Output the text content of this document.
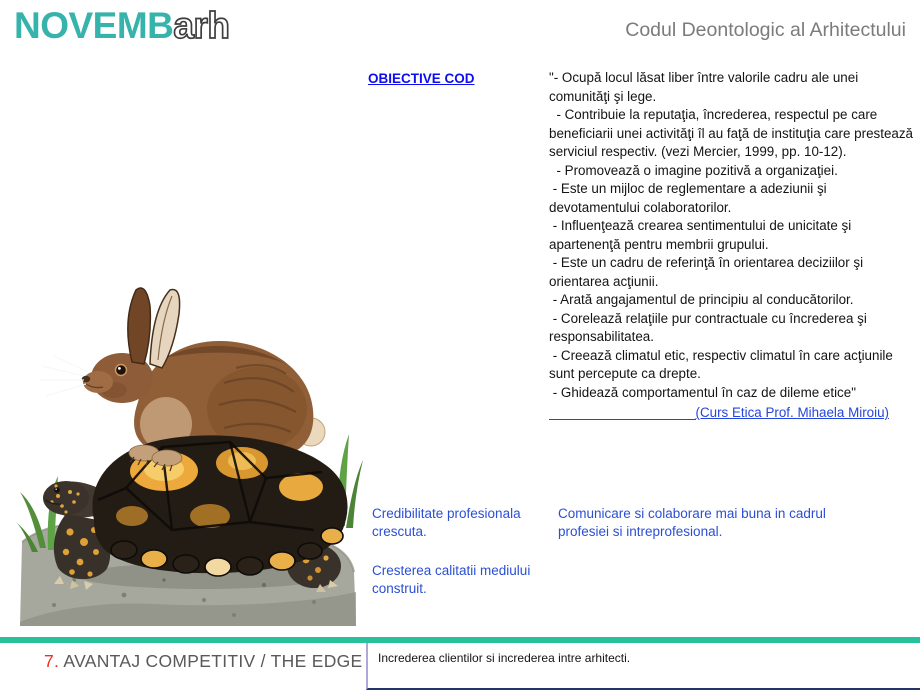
NOVEMBarh	Codul Deontologic al Arhitectului
OBIECTIVE COD	"- Ocupă locul lăsat liber între valorile cadru ale unei comunităţi şi lege.
- Contribuie la reputaţia, încrederea, respectul pe care beneficiarii unei activităţi îl au faţă de instituţia care prestează serviciul respectiv. (vezi Mercier, 1999, pp. 10-12).
- Promovează o imagine pozitivă a organizaţiei.
- Este un mijloc de reglementare a adeziunii şi devotamentului colaboratorilor.
- Influenţează crearea sentimentului de unicitate şi apartenenţă pentru membrii grupului.
- Este un cadru de referinţă în orientarea deciziilor şi orientarea acţiunii.
- Arată angajamentul de principiu al conducătorilor.
- Corelează relaţiile pur contractuale cu încrederea şi responsabilitatea.
- Creează climatul etic, respectiv climatul în care acţiunile sunt percepute ca drepte.
- Ghidează comportamentul în caz de dileme etice"
(Curs Etica Prof. Mihaela Miroiu)
Credibilitate profesionala crescuta.
Comunicare si colaborare mai buna in cadrul profesiei si intreprofesional.
Cresterea calitatii mediului construit.
7. AVANTAJ COMPETITIV / THE EDGE	Increderea clientilor si increderea intre arhitecti.
